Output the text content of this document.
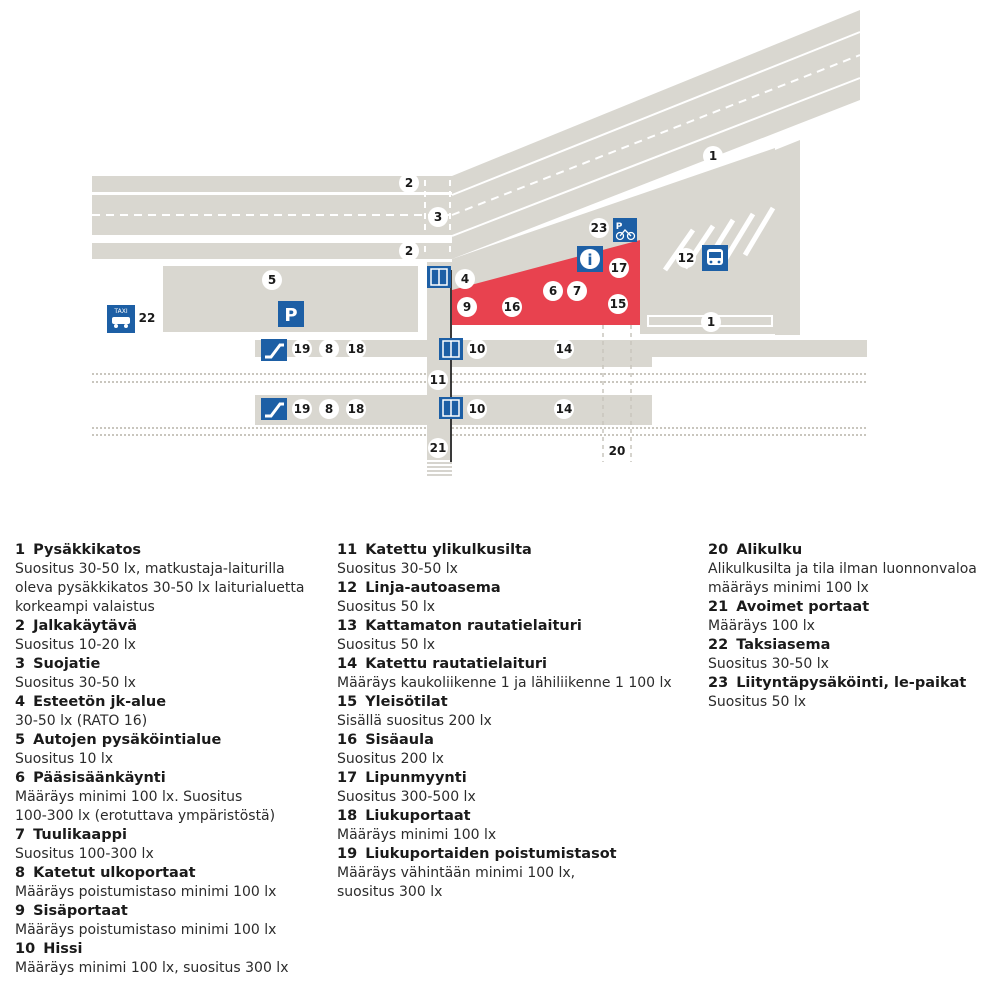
TAXI	P
i
P
1
1
2
2
3
4
5
6 7
8
8
9
10
10
11
12
14
14
15
16
17
18
18
19
19
20
21
22
23
1 Pysäkkikatos
Suositus 30-50 lx, matkustaja-laiturilla
oleva pysäkkikatos 30-50 lx laiturialuetta
korkeampi valaistus
2 Jalkakäytävä
Suositus 10-20 lx
3 Suojatie
Suositus 30-50 lx
4 Esteetön jk-alue
30-50 lx (RATO 16)
5 Autojen pysäköintialue
Suositus 10 lx
6 Pääsisäänkäynti
Määräys minimi 100 lx. Suositus
100-300 lx (erotuttava ympäristöstä)
7 Tuulikaappi
Suositus 100-300 lx
8 Katetut ulkoportaat
Määräys poistumistaso minimi 100 lx
9 Sisäportaat
Määräys poistumistaso minimi 100 lx
10 Hissi
Määräys minimi 100 lx, suositus 300 lx
11 Katettu ylikulkusilta
Suositus 30-50 lx
12 Linja-autoasema
Suositus 50 lx
13 Kattamaton rautatielaituri
Suositus 50 lx
14 Katettu rautatielaituri
Määräys kaukoliikenne 1 ja lähiliikenne 1 100 lx
15 Yleisötilat
Sisällä suositus 200 lx
16 Sisäaula
Suositus 200 lx
17 Lipunmyynti
Suositus 300-500 lx
18 Liukuportaat
Määräys minimi 100 lx
19 Liukuportaiden poistumistasot
Määräys vähintään minimi 100 lx,
suositus 300 lx
20 Alikulku
Alikulkusilta ja tila ilman luonnonvaloa
määräys minimi 100 lx
21 Avoimet portaat
Määräys 100 lx
22 Taksiasema
Suositus 30-50 lx
23 Liityntäpysäköinti, le-paikat
Suositus 50 lx
